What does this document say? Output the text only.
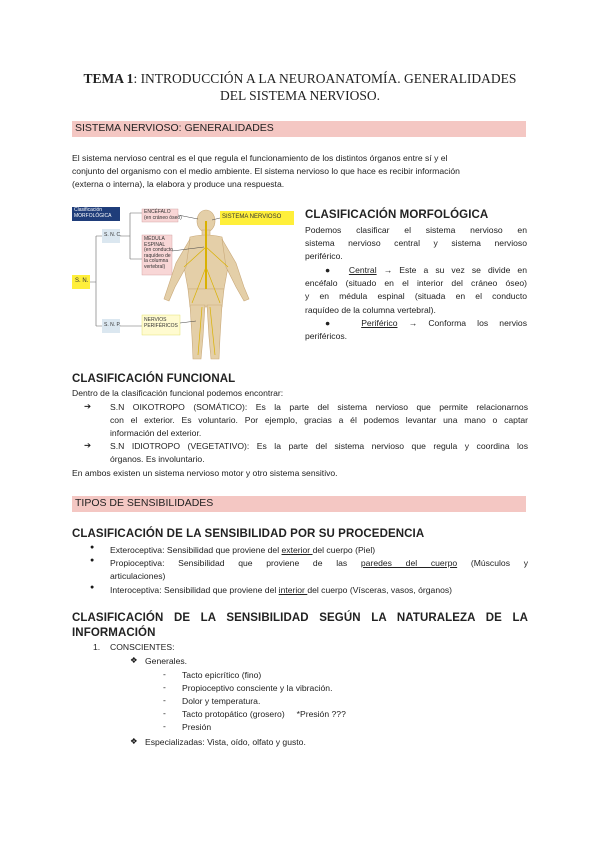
TEMA 1: INTRODUCCIÓN A LA NEUROANATOMÍA. GENERALIDADES
DEL SISTEMA NERVIOSO.
SISTEMA NERVIOSO: GENERALIDADES
El sistema nervioso central es el que regula el funcionamiento de los distintos órganos entre sí y el
conjunto del organismo con el medio ambiente. El sistema nervioso lo que hace es recibir información
(externa o interna), la elabora y produce una respuesta.
Clasificación
MORFOLÓGICA
S. N. C.
S. N.
S. N. P.
ENCÉFALO
(en cráneo óseo)
MÉDULA
ESPINAL
(en conducto
raquídeo de
la columna
vertebral)
SISTEMA NERVIOSO
NERVIOS
PERIFÉRICOS
CLASIFICACIÓN MORFOLÓGICA
Podemos clasificar el sistema nervioso en
sistema nervioso central y sistema nervioso
periférico.
●  Central → Este a su vez se divide en
encéfalo (situado en el interior del cráneo óseo)
y en médula espinal (situada en el conducto
raquídeo de la columna vertebral).
●  Periférico → Conforma los nervios
periféricos.
CLASIFICACIÓN FUNCIONAL
Dentro de la clasificación funcional podemos encontrar:
➔ S.N OIKOTROPO (SOMÁTICO): Es la parte del sistema nervioso que permite relacionarnos
con el exterior. Es voluntario. Por ejemplo, gracias a él podemos levantar una mano o captar
información del exterior.
➔ S.N IDIOTROPO (VEGETATIVO): Es la parte del sistema nervioso que regula y coordina los
órganos. Es involuntario.
En ambos existen un sistema nervioso motor y otro sistema sensitivo.
TIPOS DE SENSIBILIDADES
CLASIFICACIÓN DE LA SENSIBILIDAD POR SU PROCEDENCIA
● Exteroceptiva: Sensibilidad que proviene del exterior del cuerpo (Piel)
● Propioceptiva: Sensibilidad que proviene de las paredes del cuerpo (Músculos y
articulaciones)
● Interoceptiva: Sensibilidad que proviene del interior del cuerpo (Vísceras, vasos, órganos)
CLASIFICACIÓN DE LA SENSIBILIDAD SEGÚN LA NATURALEZA DE LA
INFORMACIÓN
1. CONSCIENTES:
❖ Generales.
- Tacto epicrítico (fino)
- Propioceptivo consciente y la vibración.
- Dolor y temperatura.
- Tacto protopático (grosero)     *Presión ???
- Presión
❖ Especializadas: Vista, oído, olfato y gusto.
